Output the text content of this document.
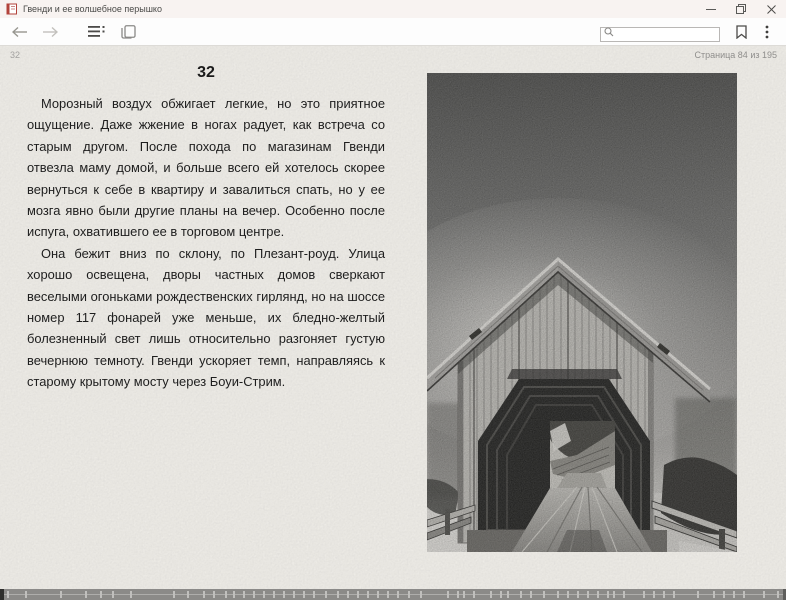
Гвенди и ее волшебное перышко
32	Страница 84 из 195
32

Морозный воздух обжигает легкие, но это приятное ощущение. Даже жжение в ногах радует, как встреча со старым другом. После похода по магазинам Гвенди отвезла маму домой, и больше всего ей хотелось скорее вернуться к себе в квартиру и завалиться спать, но у ее мозга явно были другие планы на вечер. Особенно после испуга, охватившего ее в торговом центре.

Она бежит вниз по склону, по Плезант-роуд. Улица хорошо освещена, дворы частных домов сверкают веселыми огоньками рождественских гирлянд, но на шоссе номер 117 фонарей уже меньше, их бледно-желтый болезненный свет лишь относительно разгоняет густую вечернюю темноту. Гвенди ускоряет темп, направляясь к старому крытому мосту через Боуи-Стрим.
